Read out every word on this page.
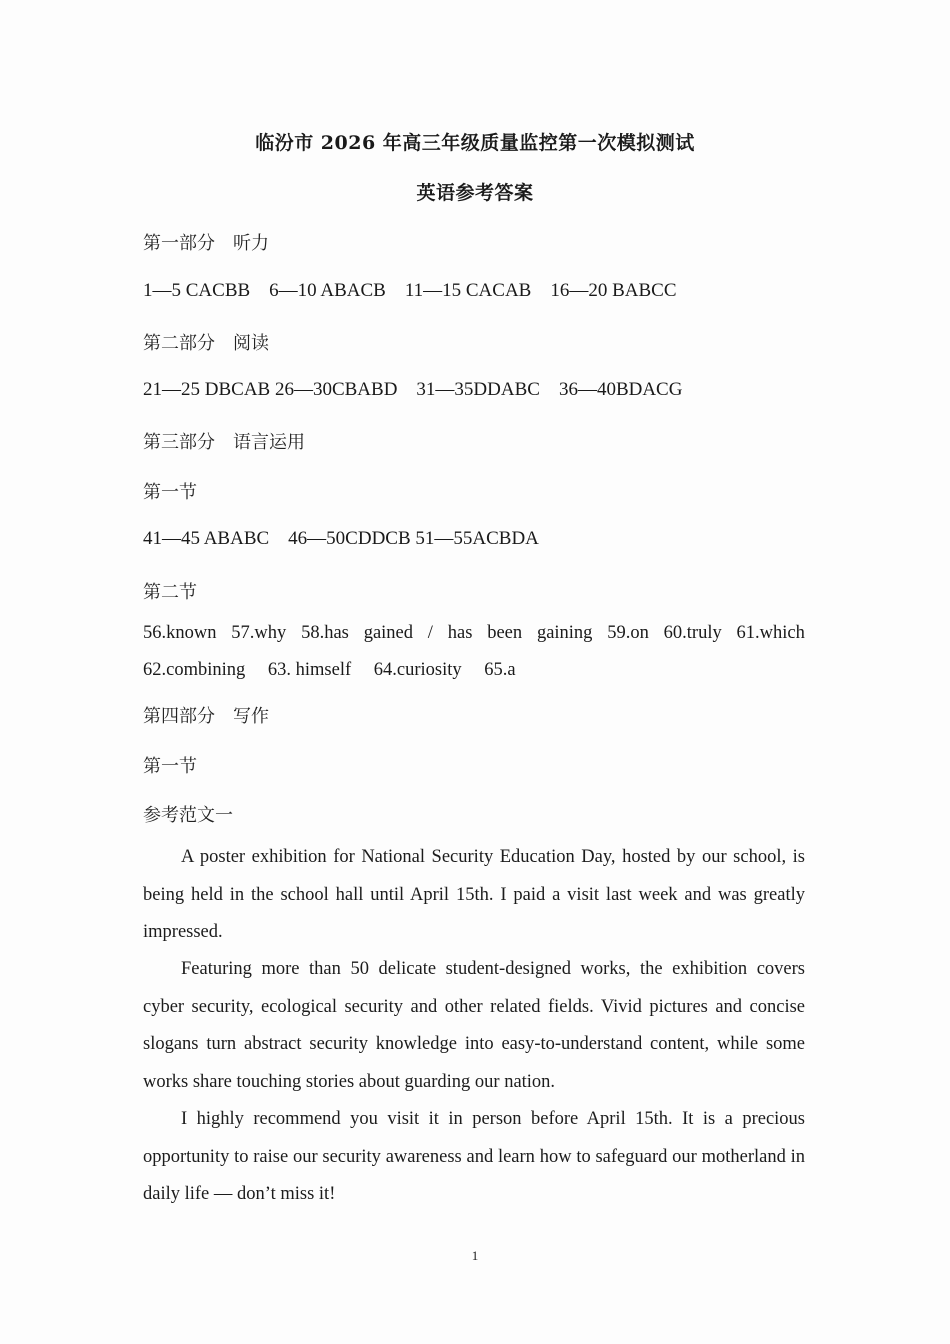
临汾市 2026 年高三年级质量监控第一次模拟测试
英语参考答案
第一部分 听力
1—5 CACBB 6—10 ABACB 11—15 CACAB 16—20 BABCC
第二部分 阅读
21—25 DBCAB 26—30CBABD 31—35DDABC 36—40BDACG
第三部分 语言运用
第一节
41—45 ABABC 46—50CDDCB 51—55ACBDA
第二节
56.known 57.why 58.has gained / has been gaining 59.on 60.truly 61.which
62.combining 63. himself 64.curiosity 65.a
第四部分 写作
第一节
参考范文一
A poster exhibition for National Security Education Day, hosted by our school, is being held in the school hall until April 15th. I paid a visit last week and was greatly impressed.
Featuring more than 50 delicate student-designed works, the exhibition covers cyber security, ecological security and other related fields. Vivid pictures and concise slogans turn abstract security knowledge into easy-to-understand content, while some works share touching stories about guarding our nation.
I highly recommend you visit it in person before April 15th. It is a precious opportunity to raise our security awareness and learn how to safeguard our motherland in daily life — don’t miss it!
1
